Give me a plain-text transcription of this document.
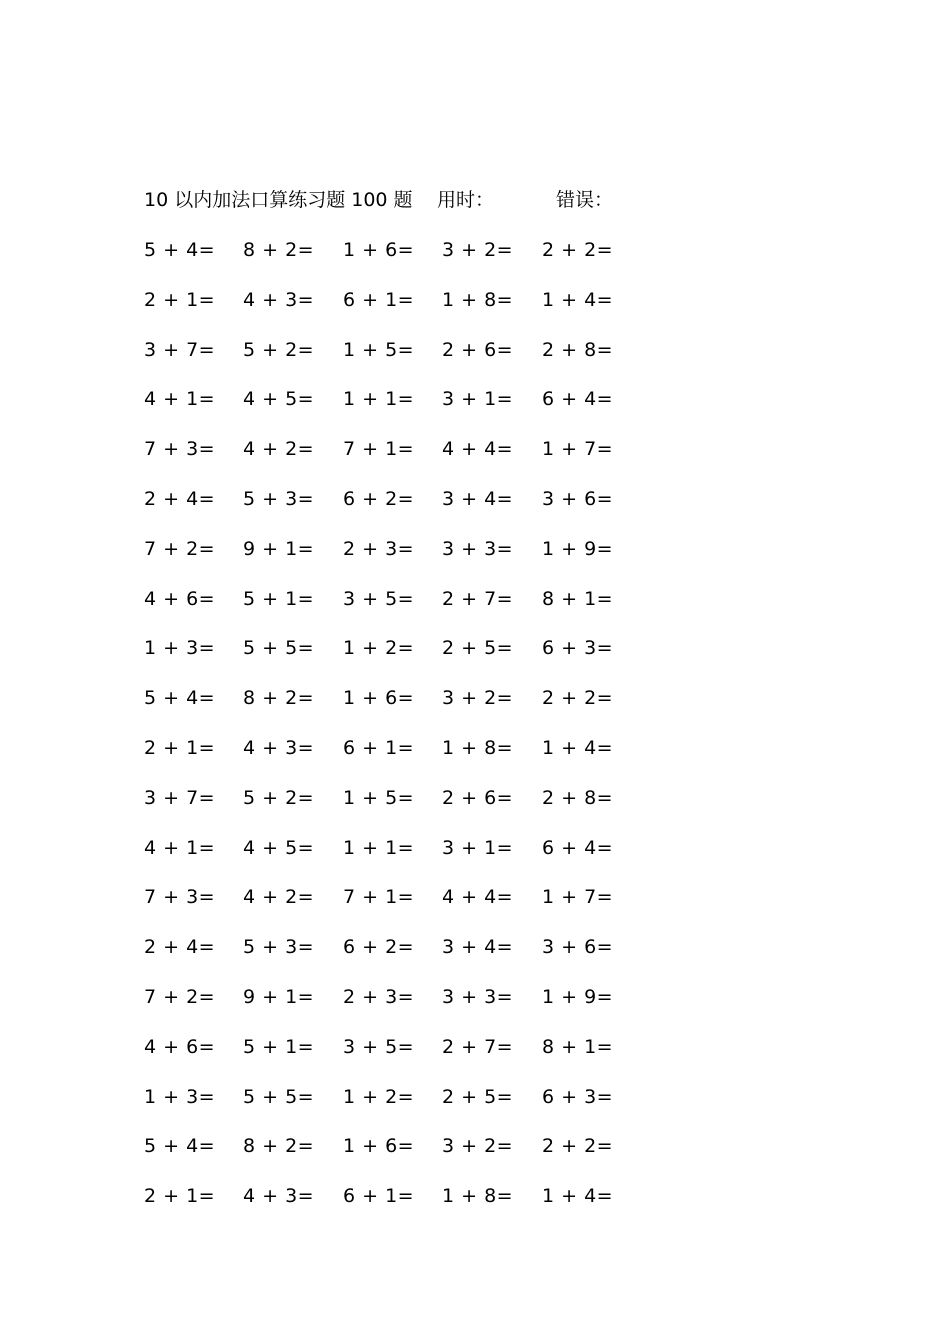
10 以内加法口算练习题 100 题 用时：	错误：
5 + 4= 8 + 2= 1 + 6= 3 + 2= 2 + 2=
2 + 1= 4 + 3= 6 + 1= 1 + 8= 1 + 4=
3 + 7= 5 + 2= 1 + 5= 2 + 6= 2 + 8=
4 + 1= 4 + 5= 1 + 1= 3 + 1= 6 + 4=
7 + 3= 4 + 2= 7 + 1= 4 + 4= 1 + 7=
2 + 4= 5 + 3= 6 + 2= 3 + 4= 3 + 6=
7 + 2= 9 + 1= 2 + 3= 3 + 3= 1 + 9=
4 + 6= 5 + 1= 3 + 5= 2 + 7= 8 + 1=
1 + 3= 5 + 5= 1 + 2= 2 + 5= 6 + 3=
5 + 4= 8 + 2= 1 + 6= 3 + 2= 2 + 2=
2 + 1= 4 + 3= 6 + 1= 1 + 8= 1 + 4=
3 + 7= 5 + 2= 1 + 5= 2 + 6= 2 + 8=
4 + 1= 4 + 5= 1 + 1= 3 + 1= 6 + 4=
7 + 3= 4 + 2= 7 + 1= 4 + 4= 1 + 7=
2 + 4= 5 + 3= 6 + 2= 3 + 4= 3 + 6=
7 + 2= 9 + 1= 2 + 3= 3 + 3= 1 + 9=
4 + 6= 5 + 1= 3 + 5= 2 + 7= 8 + 1=
1 + 3= 5 + 5= 1 + 2= 2 + 5= 6 + 3=
5 + 4= 8 + 2= 1 + 6= 3 + 2= 2 + 2=
2 + 1= 4 + 3= 6 + 1= 1 + 8= 1 + 4=
